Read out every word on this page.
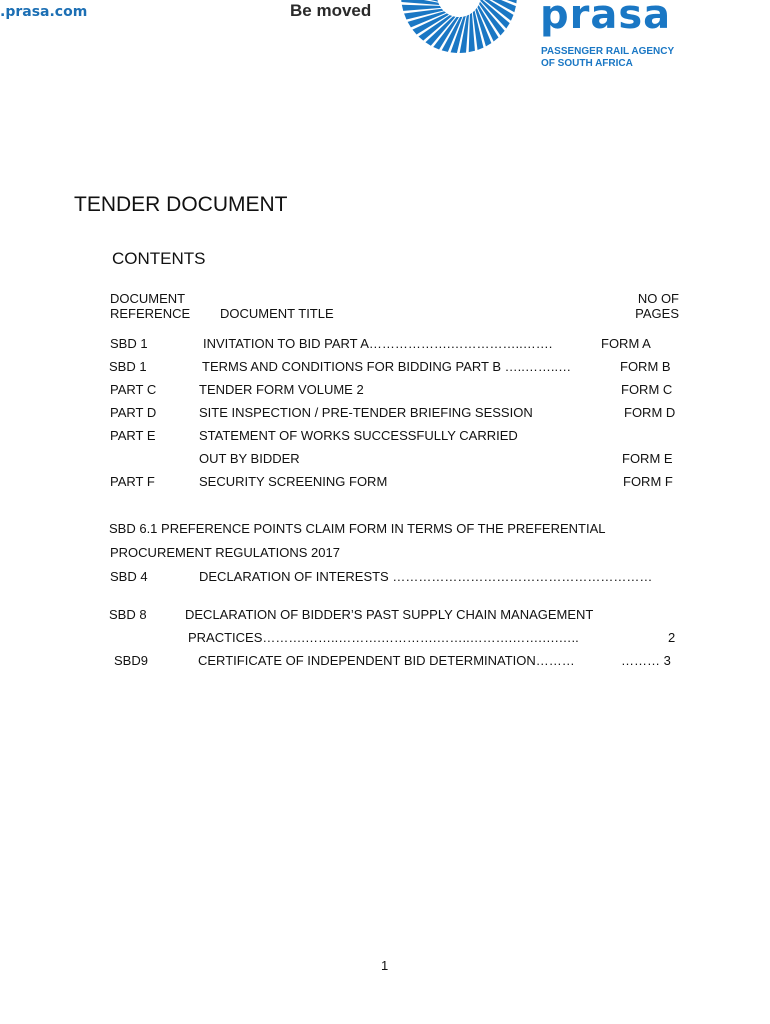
.prasa.com	Be moved	prasa
PASSENGER RAIL AGENCY
OF SOUTH AFRICA
TENDER DOCUMENT
CONTENTS
DOCUMENT
REFERENCE DOCUMENT TITLE
NO OF
PAGES
SBD 1	INVITATION TO BID PART A……………….……………..…….	FORM A
SBD 1	TERMS AND CONDITIONS FOR BIDDING PART B …..……..…	FORM B
PART C	TENDER FORM VOLUME 2	FORM C
PART D	SITE INSPECTION / PRE-TENDER BRIEFING SESSION	FORM D
PART E	STATEMENT OF WORKS SUCCESSFULLY CARRIED
OUT BY BIDDER	FORM E
PART F	SECURITY SCREENING FORM	FORM F
SBD 6.1 PREFERENCE POINTS CLAIM FORM IN TERMS OF THE PREFERENTIAL
PROCUREMENT REGULATIONS 2017
SBD 4	DECLARATION OF INTERESTS ……………………………………………………
SBD 8	DECLARATION OF BIDDER’S PAST SUPPLY CHAIN MANAGEMENT
PRACTICES……….……..……….………….……..……….…….….…..	2
SBD9	CERTIFICATE OF INDEPENDENT BID DETERMINATION………	……… 3
1
